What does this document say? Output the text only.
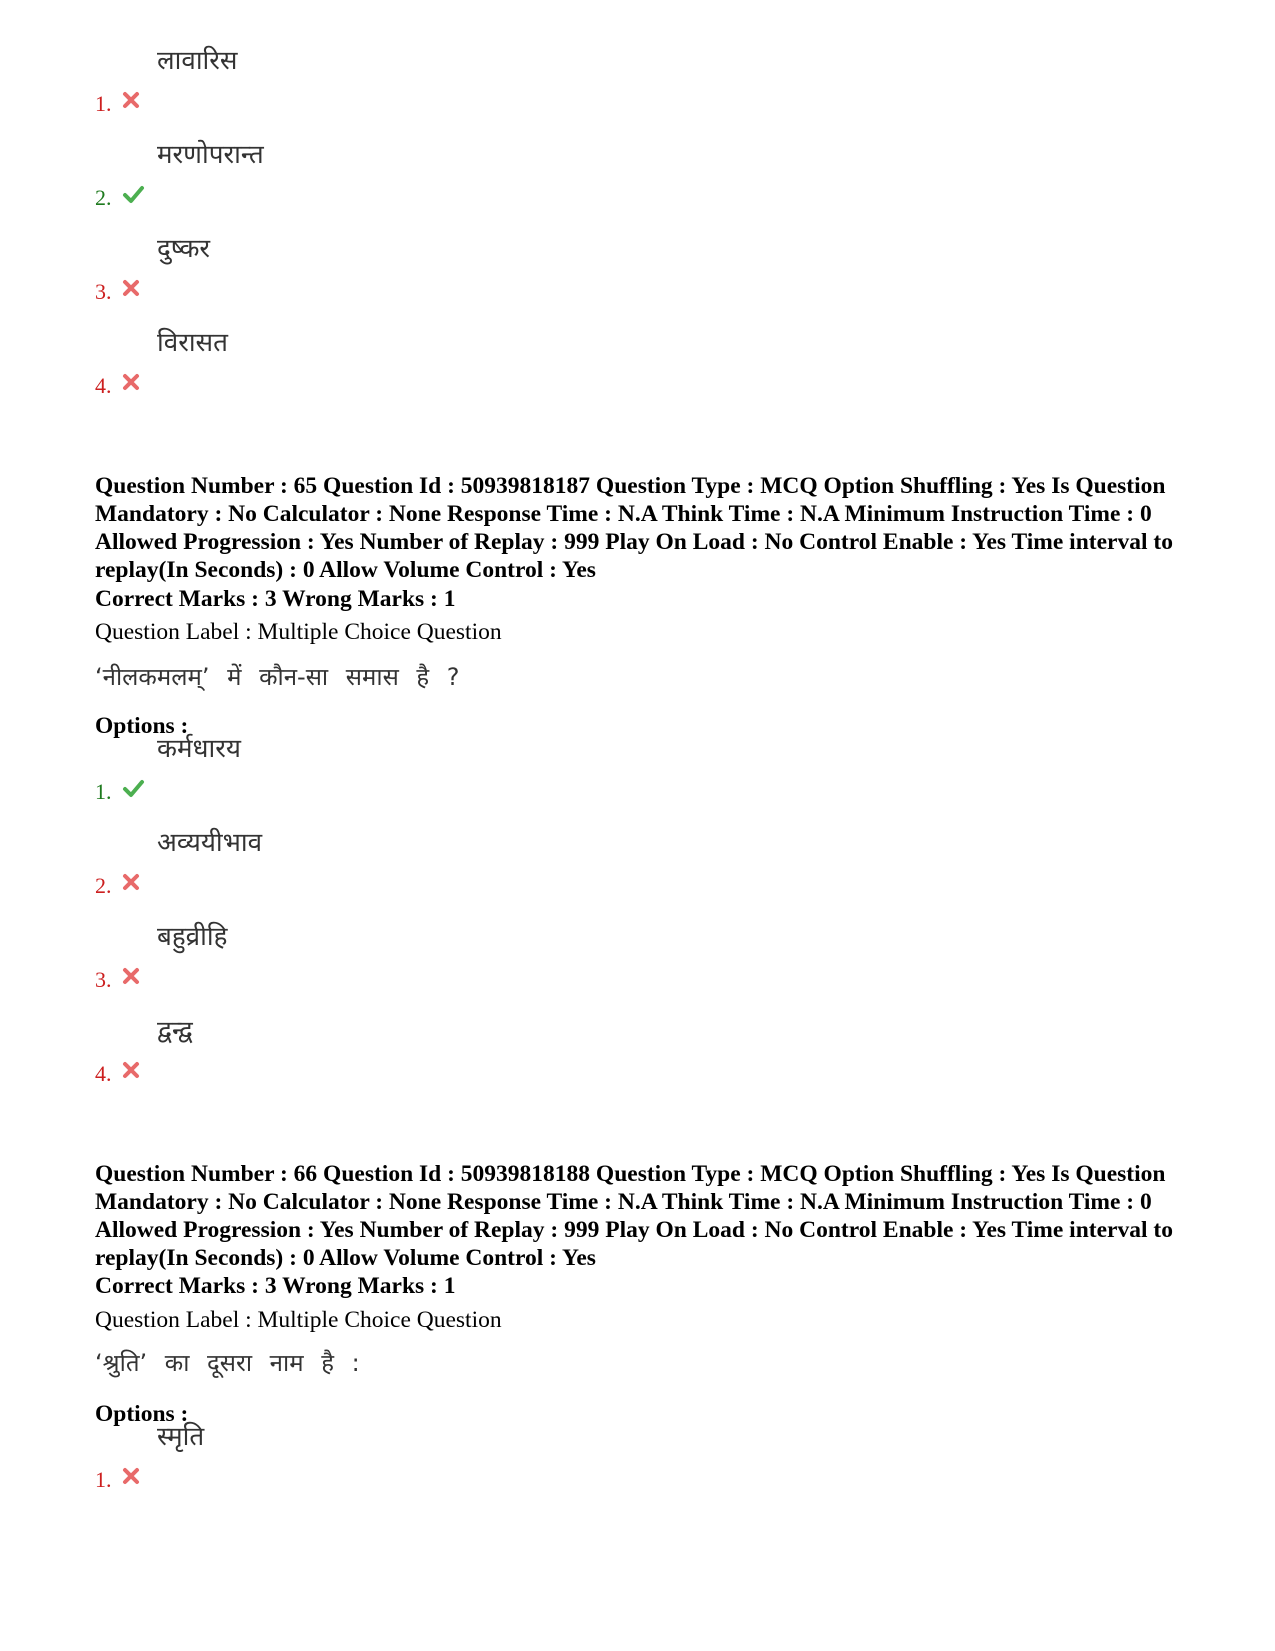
1.
लावारिस
2.
मरणोपरान्त
3.
दुष्कर
4.
विरासत
Question Number : 65 Question Id : 50939818187 Question Type : MCQ Option Shuffling : Yes Is Question Mandatory : No Calculator : None Response Time : N.A Think Time : N.A Minimum Instruction Time : 0 Allowed Progression : Yes Number of Replay : 999 Play On Load : No Control Enable : Yes Time interval to replay(In Seconds) : 0 Allow Volume Control : Yes
Correct Marks : 3 Wrong Marks : 1
Question Label : Multiple Choice Question
‘नीलकमलम्’ में कौन-सा समास है ?
Options :
1.
कर्मधारय
2.
अव्ययीभाव
3.
बहुव्रीहि
4.
द्वन्द्व
Question Number : 66 Question Id : 50939818188 Question Type : MCQ Option Shuffling : Yes Is Question Mandatory : No Calculator : None Response Time : N.A Think Time : N.A Minimum Instruction Time : 0 Allowed Progression : Yes Number of Replay : 999 Play On Load : No Control Enable : Yes Time interval to replay(In Seconds) : 0 Allow Volume Control : Yes
Correct Marks : 3 Wrong Marks : 1
Question Label : Multiple Choice Question
‘श्रुति’ का दूसरा नाम है :
Options :
1.
स्मृति
